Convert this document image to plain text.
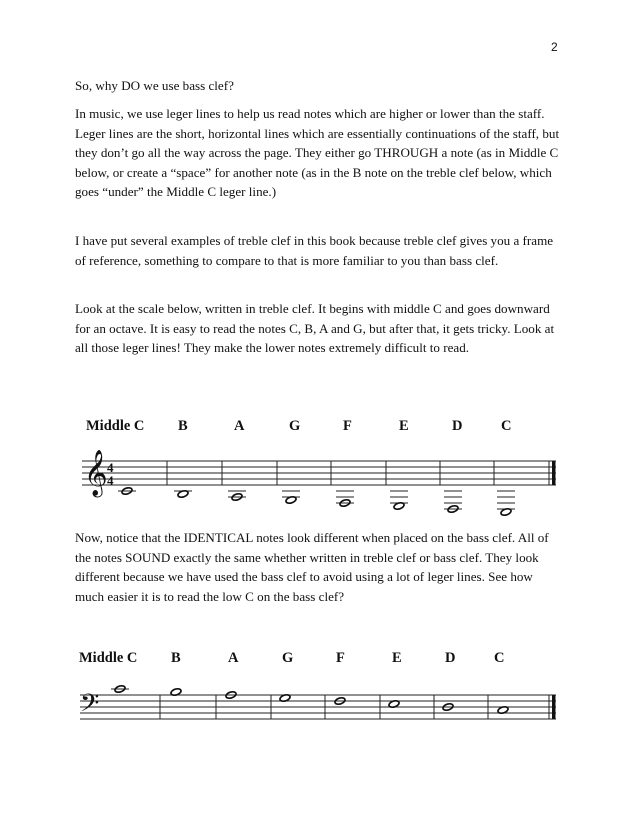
2

So, why DO we use bass clef?

In music, we use leger lines to help us read notes which are higher or lower than the staff. Leger lines are the short, horizontal lines which are essentially continuations of the staff, but they don’t go all the way across the page. They either go THROUGH a note (as in Middle C below, or create a “space” for another note (as in the B note on the treble clef below, which goes “under” the Middle C leger line.)

I have put several examples of treble clef in this book because treble clef gives you a frame of reference, something to compare to that is more familiar to you than bass clef.

Look at the scale below, written in treble clef. It begins with middle C and goes downward for an octave. It is easy to read the notes C, B, A and G, but after that, it gets tricky. Look at all those leger lines! They make the lower notes extremely difficult to read.

Middle C B	A	G	F	E	D	C
𝄞 4
4

Now, notice that the IDENTICAL notes look different when placed on the bass clef. All of the notes SOUND exactly the same whether written in treble clef or bass clef. They look different because we have used the bass clef to avoid using a lot of leger lines. See how much easier it is to read the low C on the bass clef?

Middle C B	A	G	F	E	D	C
𝄢
